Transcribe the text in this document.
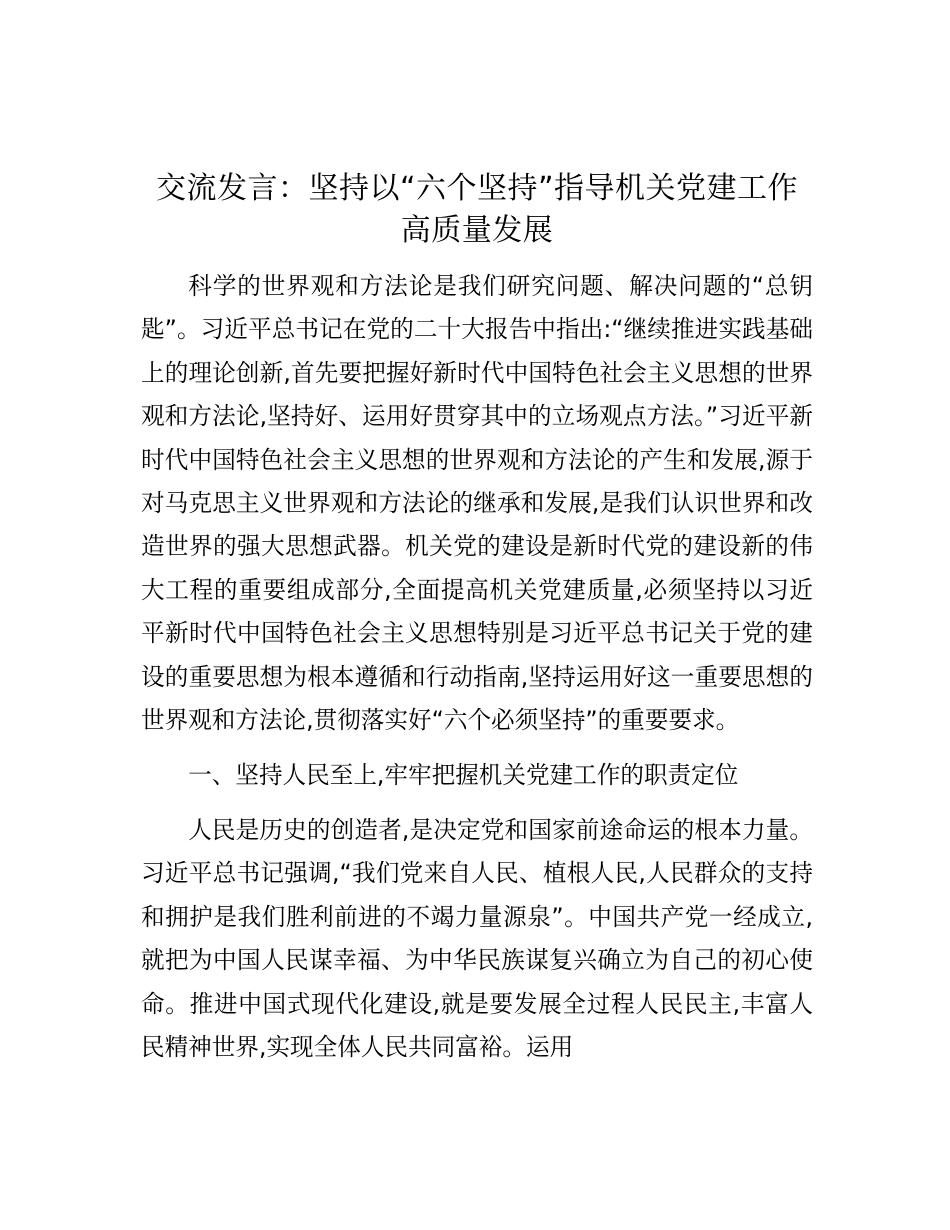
交流发言：坚持以“六个坚持”指导机关党建工作高质量发展

科学的世界观和方法论是我们研究问题、解决问题的“总钥匙”。习近平总书记在党的二十大报告中指出:“继续推进实践基础上的理论创新,首先要把握好新时代中国特色社会主义思想的世界观和方法论,坚持好、运用好贯穿其中的立场观点方法。”习近平新时代中国特色社会主义思想的世界观和方法论的产生和发展,源于对马克思主义世界观和方法论的继承和发展,是我们认识世界和改造世界的强大思想武器。机关党的建设是新时代党的建设新的伟大工程的重要组成部分,全面提高机关党建质量,必须坚持以习近平新时代中国特色社会主义思想特别是习近平总书记关于党的建设的重要思想为根本遵循和行动指南,坚持运用好这一重要思想的世界观和方法论,贯彻落实好“六个必须坚持”的重要要求。

一、坚持人民至上,牢牢把握机关党建工作的职责定位

人民是历史的创造者,是决定党和国家前途命运的根本力量。习近平总书记强调,“我们党来自人民、植根人民,人民群众的支持和拥护是我们胜利前进的不竭力量源泉”。中国共产党一经成立,就把为中国人民谋幸福、为中华民族谋复兴确立为自己的初心使命。推进中国式现代化建设,就是要发展全过程人民民主,丰富人民精神世界,实现全体人民共同富裕。运用
